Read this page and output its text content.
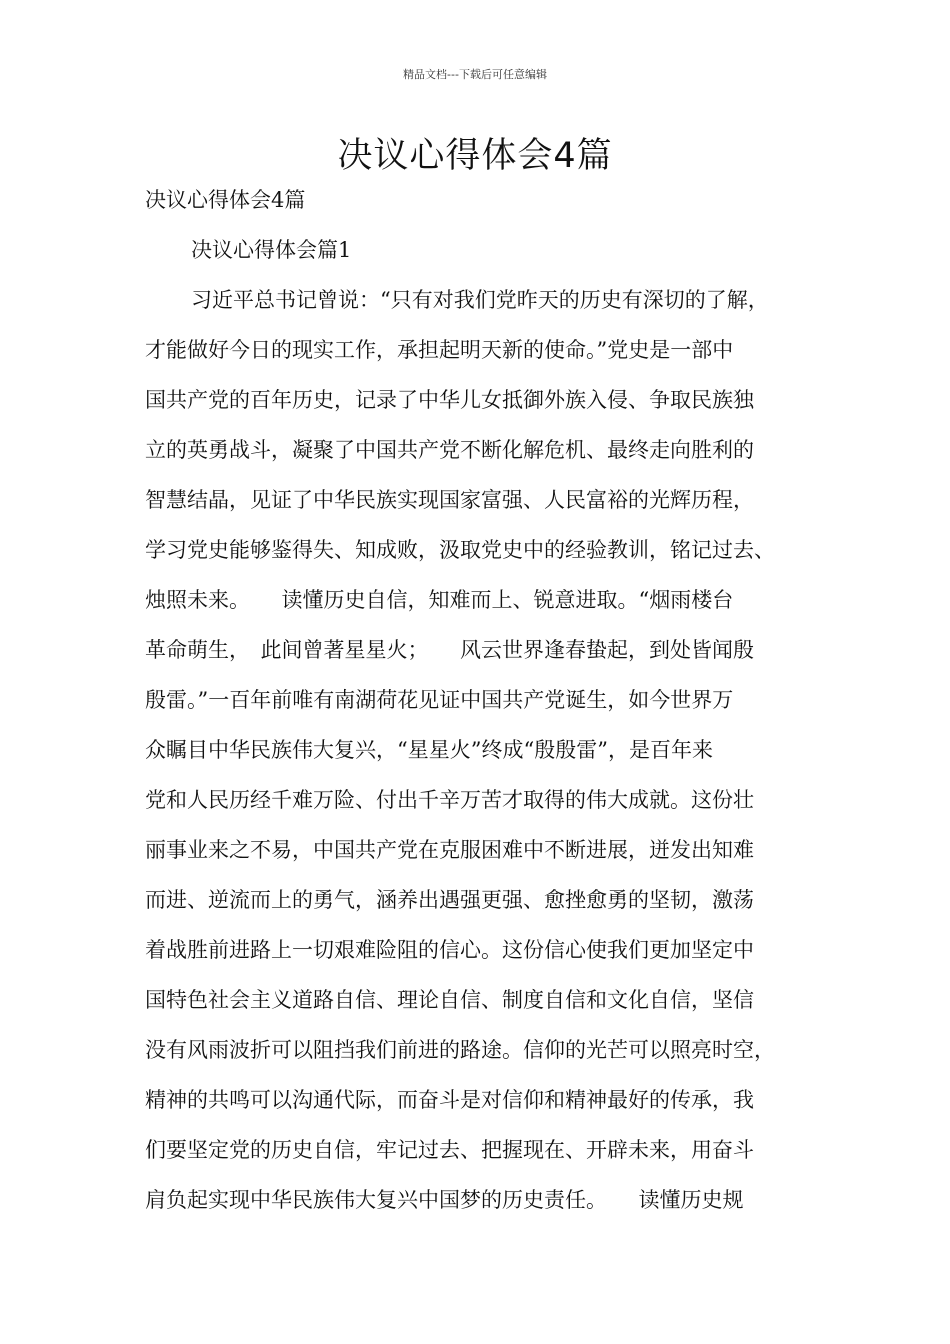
精品文档---下载后可任意编辑
决议心得体会4篇
决议心得体会4篇
决议心得体会篇1
习近平总书记曾说：“只有对我们党昨天的历史有深切的了解，
才能做好今日的现实工作，承担起明天新的使命。”党史是一部中
国共产党的百年历史，记录了中华儿女抵御外族入侵、争取民族独
立的英勇战斗，凝聚了中国共产党不断化解危机、最终走向胜利的
智慧结晶，见证了中华民族实现国家富强、人民富裕的光辉历程，
学习党史能够鉴得失、知成败，汲取党史中的经验教训，铭记过去、
烛照未来。　　读懂历史自信，知难而上、锐意进取。“烟雨楼台
革命萌生，　此间曾著星星火；　　风云世界逢春蛰起，到处皆闻殷
殷雷。”一百年前唯有南湖荷花见证中国共产党诞生，如今世界万
众瞩目中华民族伟大复兴，“星星火”终成“殷殷雷”，是百年来
党和人民历经千难万险、付出千辛万苦才取得的伟大成就。这份壮
丽事业来之不易，中国共产党在克服困难中不断进展，迸发出知难
而进、逆流而上的勇气，涵养出遇强更强、愈挫愈勇的坚韧，激荡
着战胜前进路上一切艰难险阻的信心。这份信心使我们更加坚定中
国特色社会主义道路自信、理论自信、制度自信和文化自信，坚信
没有风雨波折可以阻挡我们前进的路途。信仰的光芒可以照亮时空，
精神的共鸣可以沟通代际，而奋斗是对信仰和精神最好的传承，我
们要坚定党的历史自信，牢记过去、把握现在、开辟未来，用奋斗
肩负起实现中华民族伟大复兴中国梦的历史责任。　　读懂历史规
